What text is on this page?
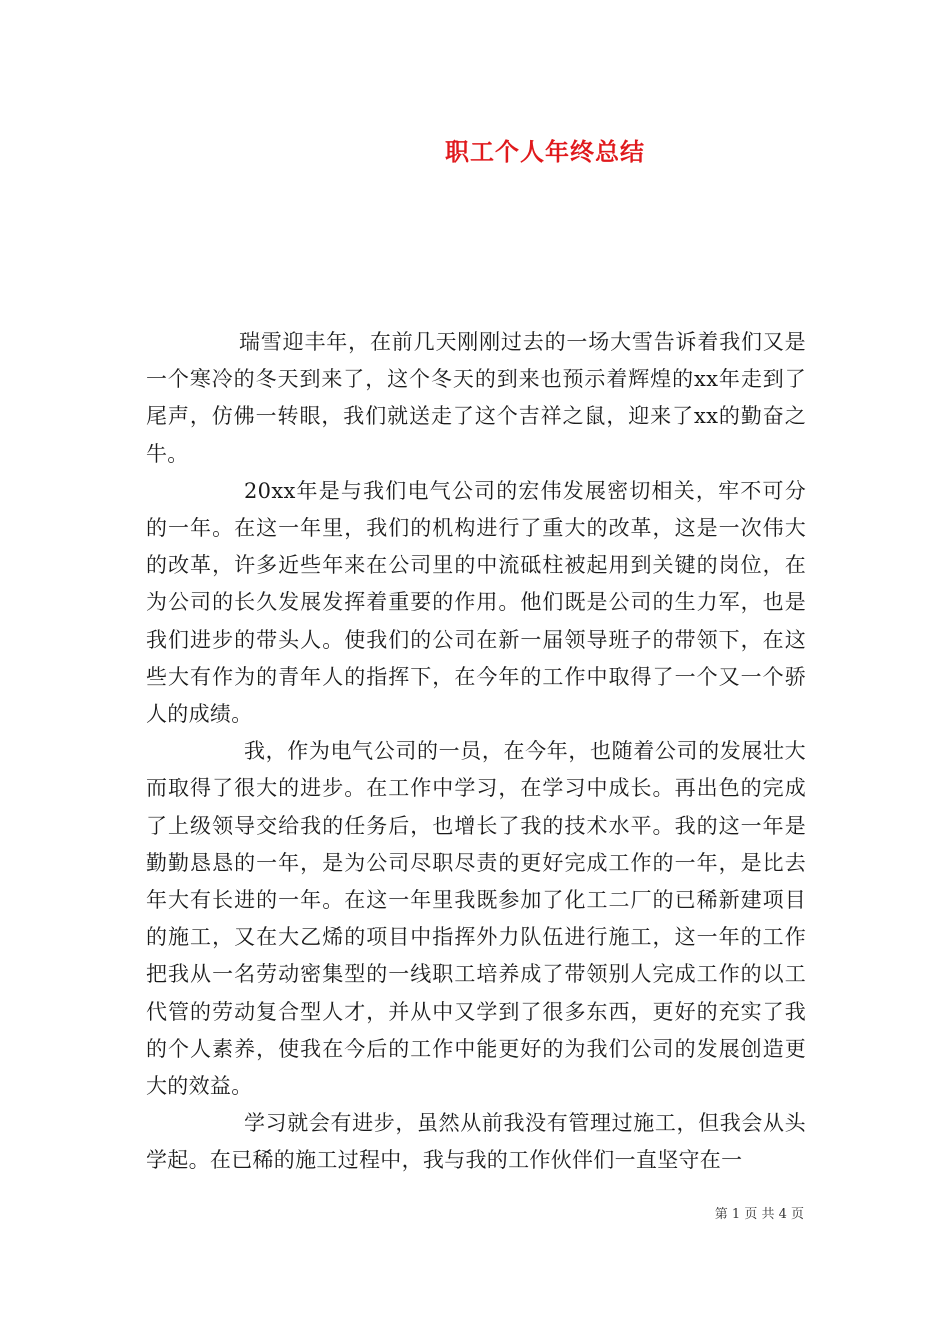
职工个人年终总结

瑞雪迎丰年，在前几天刚刚过去的一场大雪告诉着我们又是一个寒冷的冬天到来了，这个冬天的到来也预示着辉煌的xx年走到了尾声，仿佛一转眼，我们就送走了这个吉祥之鼠，迎来了xx的勤奋之牛。

20xx年是与我们电气公司的宏伟发展密切相关，牢不可分的一年。在这一年里，我们的机构进行了重大的改革，这是一次伟大的改革，许多近些年来在公司里的中流砥柱被起用到关键的岗位，在为公司的长久发展发挥着重要的作用。他们既是公司的生力军，也是我们进步的带头人。使我们的公司在新一届领导班子的带领下，在这些大有作为的青年人的指挥下，在今年的工作中取得了一个又一个骄人的成绩。

我，作为电气公司的一员，在今年，也随着公司的发展壮大而取得了很大的进步。在工作中学习，在学习中成长。再出色的完成了上级领导交给我的任务后，也增长了我的技术水平。我的这一年是勤勤恳恳的一年，是为公司尽职尽责的更好完成工作的一年，是比去年大有长进的一年。在这一年里我既参加了化工二厂的已稀新建项目的施工，又在大乙烯的项目中指挥外力队伍进行施工，这一年的工作把我从一名劳动密集型的一线职工培养成了带领别人完成工作的以工代管的劳动复合型人才，并从中又学到了很多东西，更好的充实了我的个人素养，使我在今后的工作中能更好的为我们公司的发展创造更大的效益。

学习就会有进步，虽然从前我没有管理过施工，但我会从头学起。在已稀的施工过程中，我与我的工作伙伴们一直坚守在一

第 1 页 共 4 页
